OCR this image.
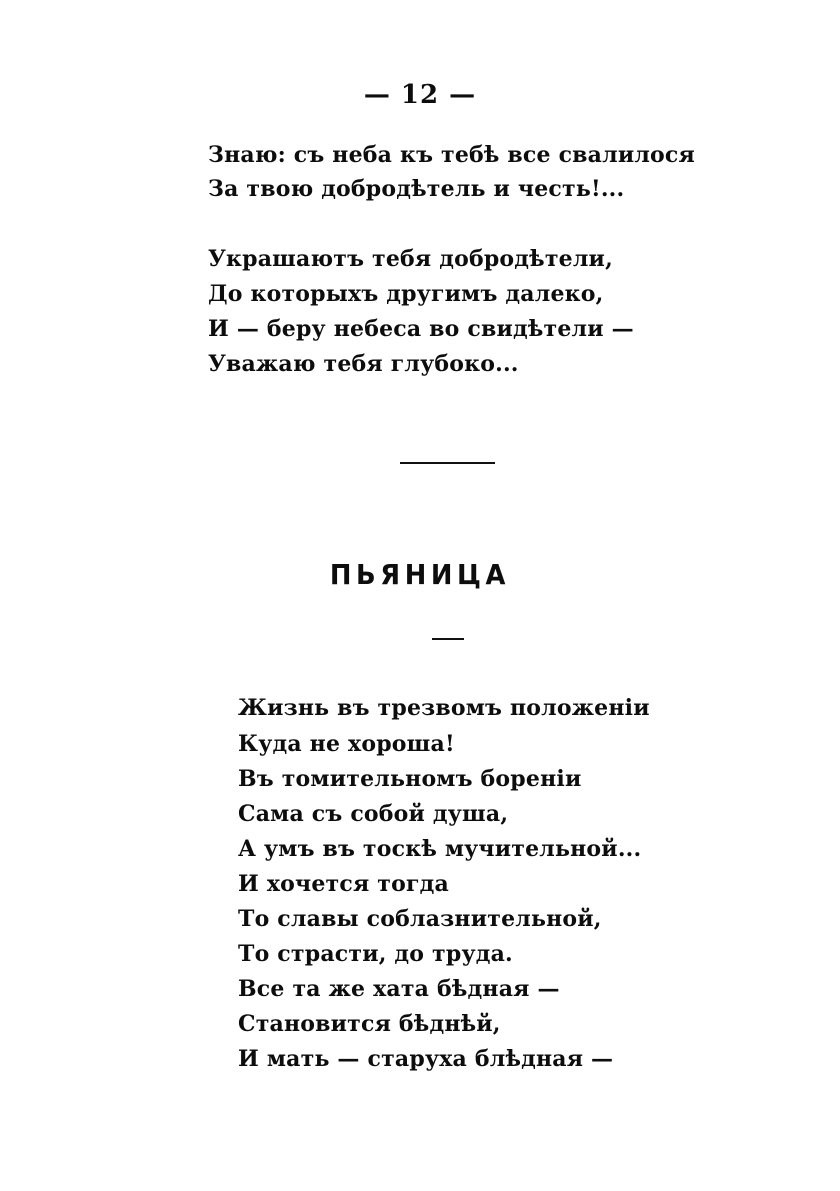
— 12 —
Знаю: съ неба къ тебѣ все свалилося
За твою добродѣтель и честь!...
Украшаютъ тебя добродѣтели,
До которыхъ другимъ далеко,
И — беру небеса во свидѣтели —
Уважаю тебя глубоко...
ПЬЯНИЦА
Жизнь въ трезвомъ положеніи
Куда не хороша!
Въ томительномъ бореніи
Сама съ собой душа,
А умъ въ тоскѣ мучительной...
И хочется тогда
То славы соблазнительной,
То страсти, до труда.
Все та же хата бѣдная —
Становится бѣднѣй,
И мать — старуха блѣдная —
